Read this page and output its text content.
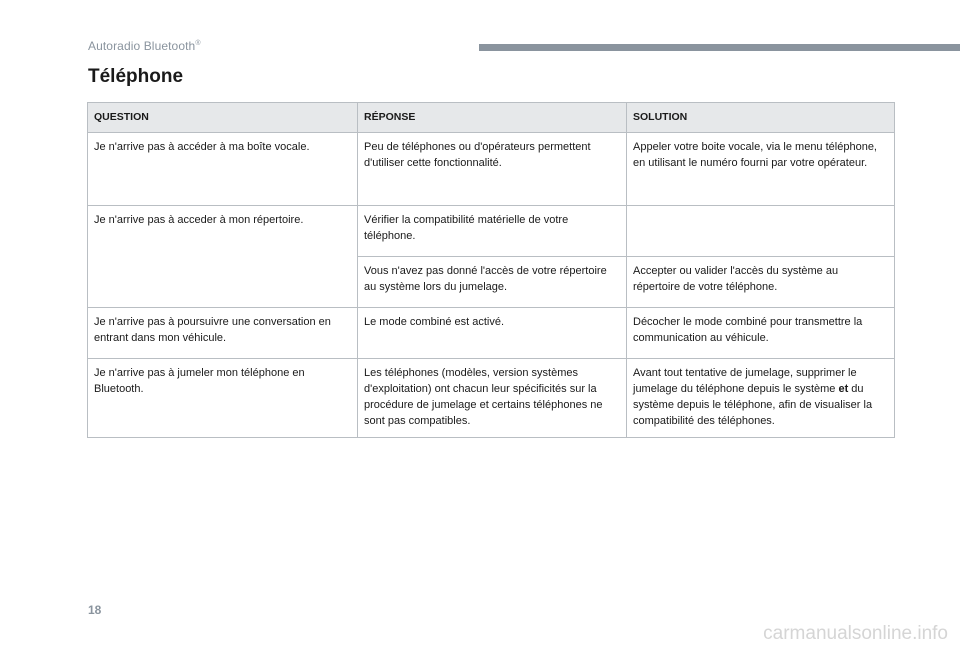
Autoradio Bluetooth®
Téléphone
QUESTION	RÉPONSE	SOLUTION
Je n'arrive pas à accéder à ma boîte vocale.	Peu de téléphones ou d'opérateurs permettent d'utiliser cette fonctionnalité.	Appeler votre boite vocale, via le menu téléphone, en utilisant le numéro fourni par votre opérateur.
Je n'arrive pas à acceder à mon répertoire.	Vérifier la compatibilité matérielle de votre téléphone.	
	Vous n'avez pas donné l'accès de votre répertoire au système lors du jumelage.	Accepter ou valider l'accès du système au répertoire de votre téléphone.
Je n'arrive pas à poursuivre une conversation en entrant dans mon véhicule.	Le mode combiné est activé.	Décocher le mode combiné pour transmettre la communication au véhicule.
Je n'arrive pas à jumeler mon téléphone en Bluetooth.	Les téléphones (modèles, version systèmes d'exploitation) ont chacun leur spécificités sur la procédure de jumelage et certains téléphones ne sont pas compatibles.	Avant tout tentative de jumelage, supprimer le jumelage du téléphone depuis le système et du système depuis le téléphone, afin de visualiser la compatibilité des téléphones.
18
carmanualsonline.info
